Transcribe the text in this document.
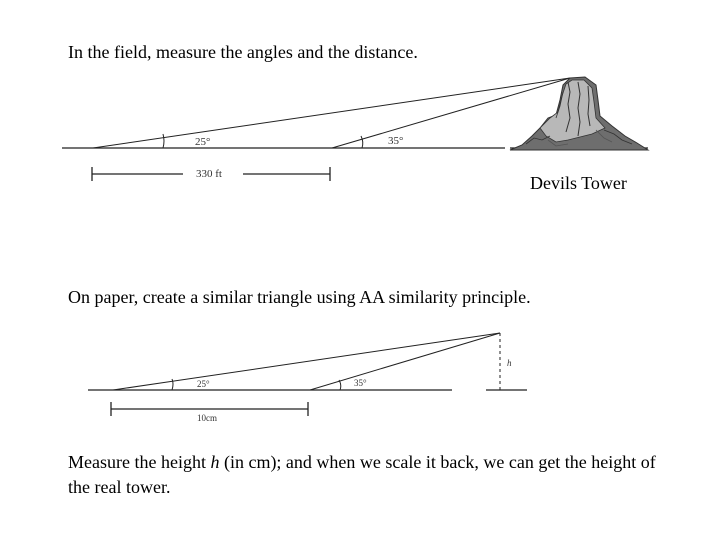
In the field, measure the angles and the distance.
25°	35°
330 ft
25°	35°
h
10cm
Devils Tower
On paper, create a similar triangle using AA similarity principle.
Measure the height h (in cm); and when we scale it back, we can get the height of the real tower.
